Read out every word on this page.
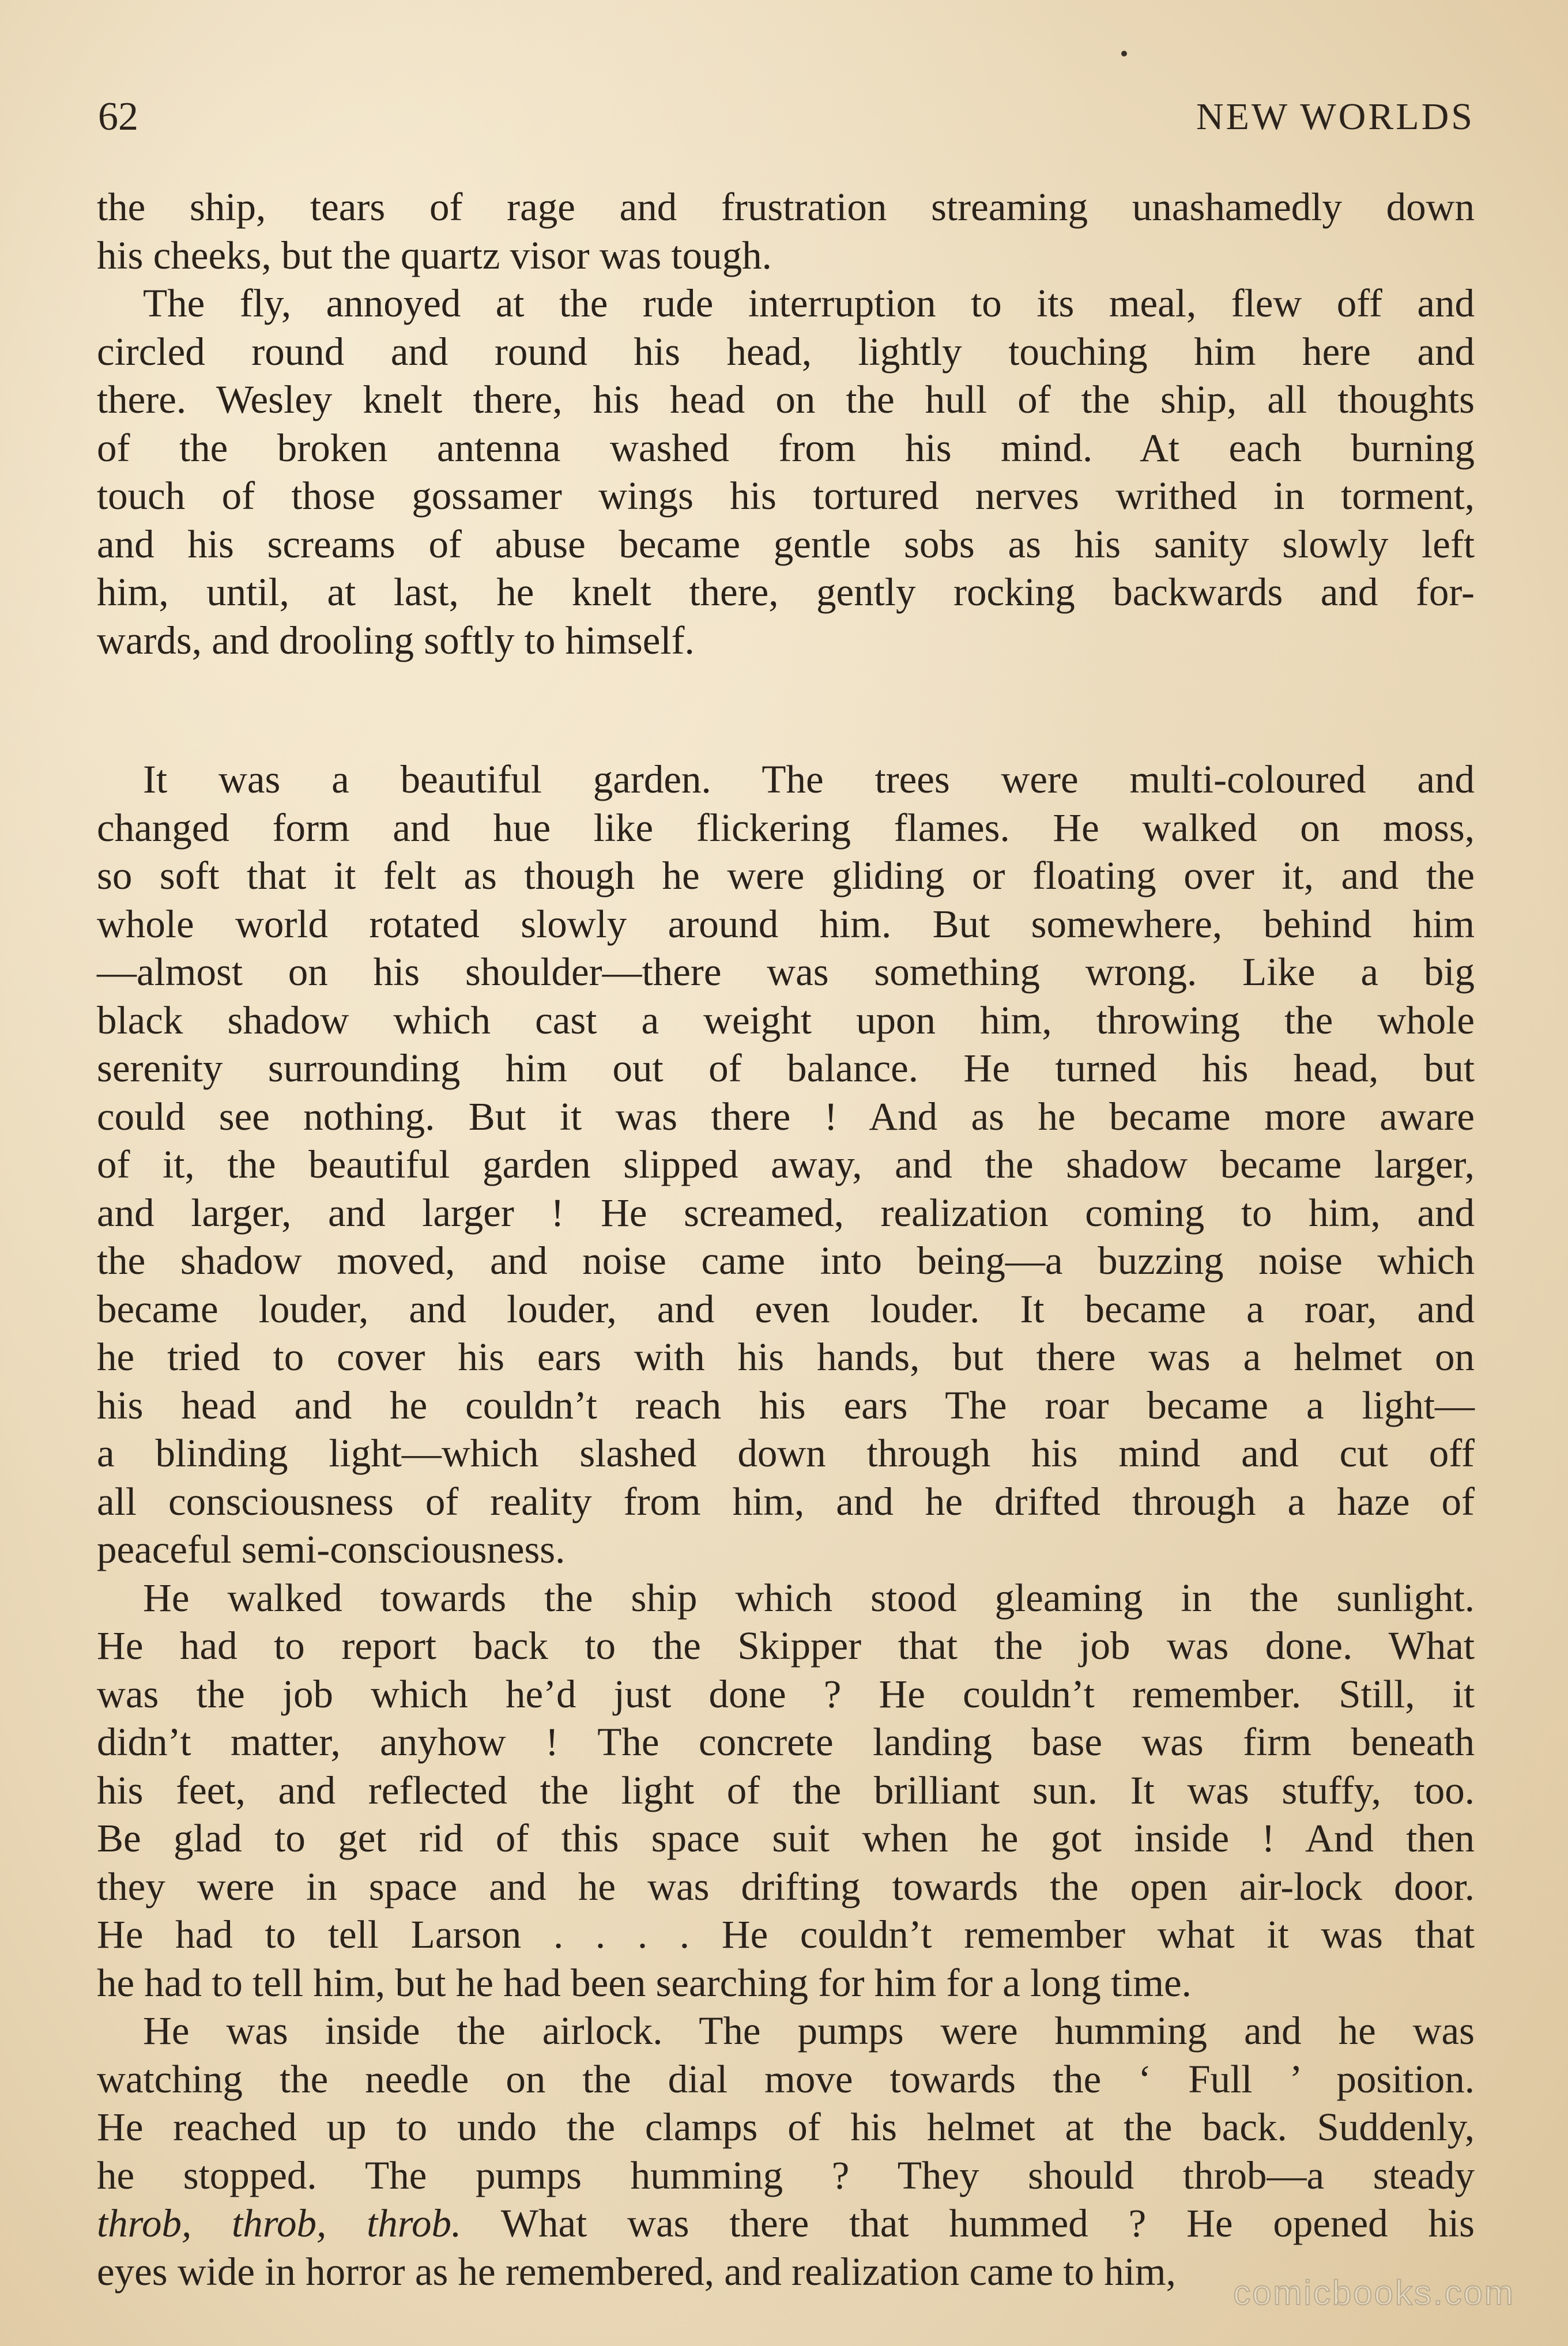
62	NEW WORLDS
the ship, tears of rage and frustration streaming unashamedly down
his cheeks, but the quartz visor was tough.
The fly, annoyed at the rude interruption to its meal, flew off and
circled round and round his head, lightly touching him here and
there. Wesley knelt there, his head on the hull of the ship, all thoughts
of the broken antenna washed from his mind. At each burning
touch of those gossamer wings his tortured nerves writhed in torment,
and his screams of abuse became gentle sobs as his sanity slowly left
him, until, at last, he knelt there, gently rocking backwards and for-
wards, and drooling softly to himself.
It was a beautiful garden. The trees were multi-coloured and
changed form and hue like flickering flames. He walked on moss,
so soft that it felt as though he were gliding or floating over it, and the
whole world rotated slowly around him. But somewhere, behind him
—almost on his shoulder—there was something wrong. Like a big
black shadow which cast a weight upon him, throwing the whole
serenity surrounding him out of balance. He turned his head, but
could see nothing. But it was there ! And as he became more aware
of it, the beautiful garden slipped away, and the shadow became larger,
and larger, and larger ! He screamed, realization coming to him, and
the shadow moved, and noise came into being—a buzzing noise which
became louder, and louder, and even louder. It became a roar, and
he tried to cover his ears with his hands, but there was a helmet on
his head and he couldn’t reach his ears The roar became a light—
a blinding light—which slashed down through his mind and cut off
all consciousness of reality from him, and he drifted through a haze of
peaceful semi-consciousness.
He walked towards the ship which stood gleaming in the sunlight.
He had to report back to the Skipper that the job was done. What
was the job which he’d just done ? He couldn’t remember. Still, it
didn’t matter, anyhow ! The concrete landing base was firm beneath
his feet, and reflected the light of the brilliant sun. It was stuffy, too.
Be glad to get rid of this space suit when he got inside ! And then
they were in space and he was drifting towards the open air-lock door.
He had to tell Larson . . . . He couldn’t remember what it was that
he had to tell him, but he had been searching for him for a long time.
He was inside the airlock. The pumps were humming and he was
watching the needle on the dial move towards the ‘ Full ’ position.
He reached up to undo the clamps of his helmet at the back. Suddenly,
he stopped. The pumps humming ? They should throb—a steady
throb, throb, throb. What was there that hummed ? He opened his
eyes wide in horror as he remembered, and realization came to him,	comicbooks.com
